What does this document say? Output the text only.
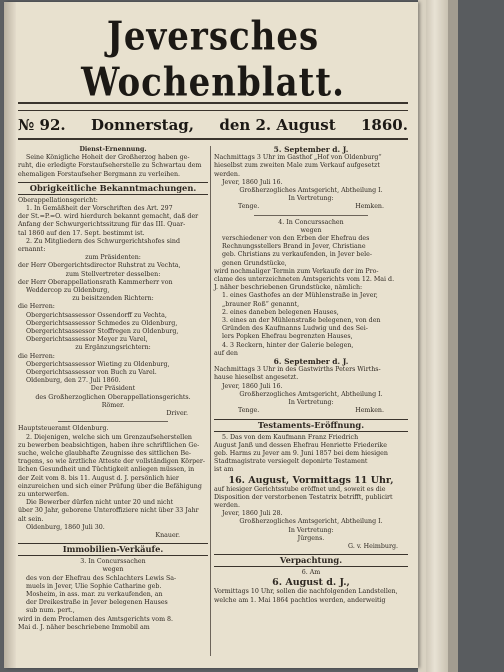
Jeversches Wochenblatt.
№ 92. Donnerstag, den 2. August 1860.
Dienst-Ernennung.
Seine Königliche Hoheit der Großherzog haben ge-
ruht, die erledigte Forstaufseherstelle zu Schwartau dem
ehemaligen Forstaufseher Bergmann zu verleihen.
Obrigkeitliche Bekanntmachungen.
Oberappellationsgericht:
1. In Gemäßheit der Vorschriften des Art. 297
der St.=P.=O. wird hierdurch bekannt gemacht, daß der
Anfang der Schwurgerichtssitzung für das III. Quar-
tal 1860 auf den 17. Sept. bestimmt ist.
2. Zu Mitgliedern des Schwurgerichtshofes sind ernannt:
zum Präsidenten:
der Herr Obergerichtsdirector Ruhstrat zu Vechta,
zum Stellvertreter desselben:
der Herr Oberappellationsrath Kammerherr von
Weddercop zu Oldenburg,
zu beisitzenden Richtern:
die Herren:
Obergerichtsassessor Ossendorff zu Vechta,
Obergerichtsassessor Schmedes zu Oldenburg,
Obergerichtsassessor Stoffregen zu Oldenburg,
Obergerichtsassessor Meyer zu Varel,
zu Ergänzungsrichtern:
die Herren:
Obergerichtsassessor Wieting zu Oldenburg,
Obergerichtsassessor von Buch zu Varel.
Oldenburg, den 27. Juli 1860.
Der Präsident
des Großherzoglichen Oberappellationsgerichts.
Römer.
Driver.
Hauptsteueramt Oldenburg.
2. Diejenigen, welche sich um Grenzaufseherstellen
zu bewerben beabsichtigen, haben ihre schriftlichen Ge-
suche, welche glaubhafte Zeugnisse des sittlichen Be-
tragens, so wie ärztliche Atteste der vollständigen Körper-
lichen Gesundheit und Tüchtigkeit anliegen müssen, in
der Zeit vom 8. bis 11. August d. J. persönlich hier
einzureichen und sich einer Prüfung über die Befähigung
zu unterwerfen.
Die Bewerber dürfen nicht unter 20 und nicht
über 30 Jahr, geborene Unteroffiziere nicht über 33 Jahr
alt sein.
Oldenburg, 1860 Juli 30.
Knauer.
Immobilien-Verkäufe.
3. In Concurssachen
wegen
des von der Ehefrau des Schlachters Lewis Sa-
muels in Jever, Ulie Sophie Catharine geb.
Mosheim, in ass. mar. zu verkaufenden, an
der Dreikestraße in Jever belegenen Hauses
sub num. pert.,
wird in dem Proclamen des Amtsgerichts vom 8.
Mai d. J. näher beschriebene Immobil am
5. September d. J.
Nachmittags 3 Uhr im Gasthof „Hof von Oldenburg“
hieselbst zum zweiten Male zum Verkauf aufgesetzt
werden.
Jever, 1860 Juli 16.
Großherzogliches Amtsgericht, Abtheilung I.
In Vertretung:
Tenge.	Hemken.
4. In Concurssachen
wegen
verschiedener von den Erben der Ehefrau des
Rechnungsstellers Brand in Jever, Christiane
geb. Christians zu verkaufenden, in Jever bele-
genen Grundstücke,
wird nochmaliger Termin zum Verkaufe der im Pro-
clame des unterzeichneten Amtsgerichts vom 12. Mai d.
J. näher beschriebenen Grundstücke, nämlich:
1. eines Gasthofes an der Mühlenstraße in Jever,
„brauner Roß“ genannt,
2. eines daneben belegenen Hauses,
3. eines an der Mühlenstraße belegenen, von den
Gründen des Kaufmanns Ludwig und des Sei-
lers Popken Ehefrau begrenzten Hauses,
4. 3 Reckern, hinter der Galerie belegen,
auf den
6. September d. J.
Nachmittags 3 Uhr in des Gastwirths Peters Wirths-
hause hieselbst angesetzt.
Jever, 1860 Juli 16.
Großherzogliches Amtsgericht, Abtheilung I.
In Vertretung:
Tenge.	Hemken.
Testaments-Eröffnung.
5. Das von dem Kaufmann Franz Friedrich
August Janß und dessen Ehefrau Henriette Friederike
geb. Harms zu Jever am 9. Juni 1857 bei dem hiesigen
Stadtmagistrate versiegelt deponirte Testament
ist am
16. August, Vormittags 11 Uhr,
auf hiesiger Gerichtsstube eröffnet und, soweit es die
Disposition der verstorbenen Testatrix betrifft, publicirt
werden.
Jever, 1860 Juli 28.
Großherzogliches Amtsgericht, Abtheilung I.
In Vertretung:
Jürgens.
G. v. Heimburg.
Verpachtung.
6. Am
6. August d. J.,
Vormittags 10 Uhr, sollen die nachfolgenden Landstellen,
welche am 1. Mai 1864 pachtlos werden, anderweitig
